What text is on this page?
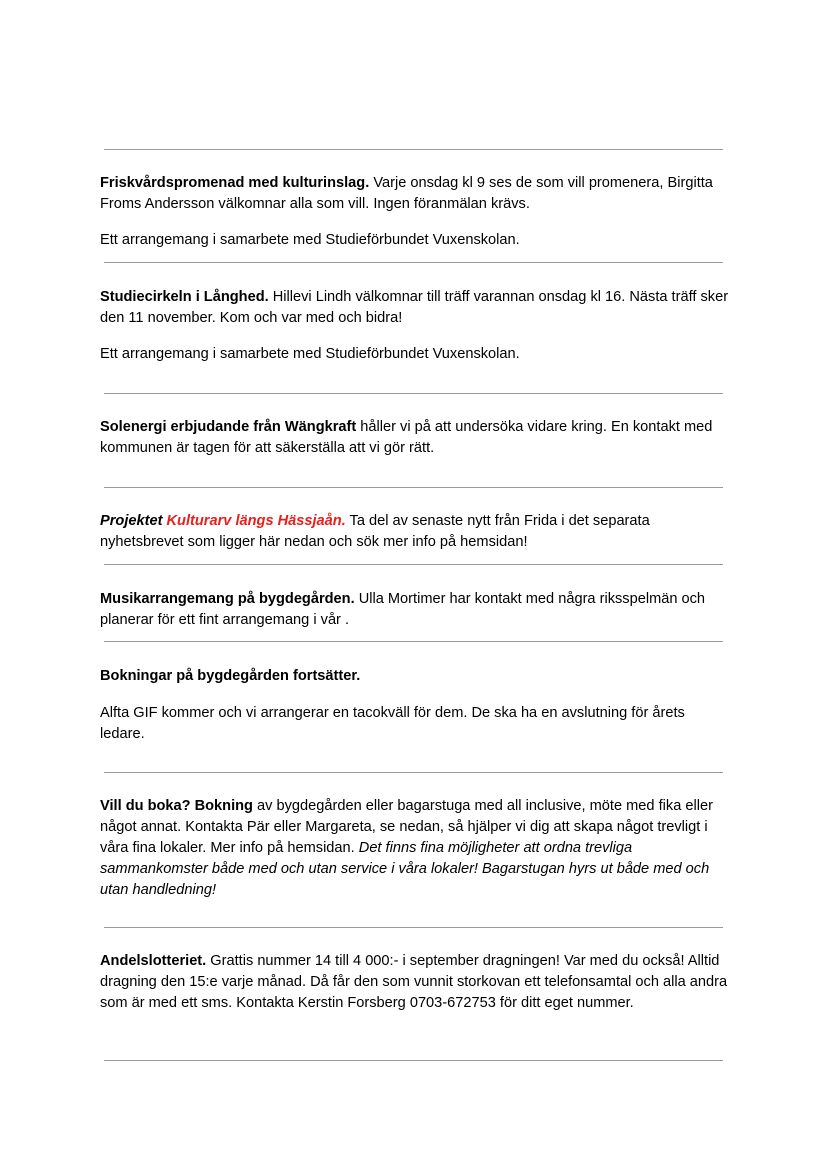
Friskvårdspromenad med kulturinslag. Varje onsdag kl 9 ses de som vill promenera, Birgitta Froms Andersson välkomnar alla som vill. Ingen föranmälan krävs.

Ett arrangemang i samarbete med Studieförbundet Vuxenskolan.

Studiecirkeln i Långhed. Hillevi Lindh välkomnar till träff varannan onsdag kl 16. Nästa träff sker den 11 november. Kom och var med och bidra!

Ett arrangemang i samarbete med Studieförbundet Vuxenskolan.

Solenergi erbjudande från Wängkraft håller vi på att undersöka vidare kring. En kontakt med kommunen är tagen för att säkerställa att vi gör rätt.

Projektet Kulturarv längs Hässjaån. Ta del av senaste nytt från Frida i det separata nyhetsbrevet som ligger här nedan och sök mer info på hemsidan!

Musikarrangemang på bygdegården. Ulla Mortimer har kontakt med några riksspelmän och planerar för ett fint arrangemang i vår .

Bokningar på bygdegården fortsätter.

Alfta GIF kommer och vi arrangerar en tacokväll för dem. De ska ha en avslutning för årets ledare.

Vill du boka? Bokning av bygdegården eller bagarstuga med all inclusive, möte med fika eller något annat. Kontakta Pär eller Margareta, se nedan, så hjälper vi dig att skapa något trevligt i våra fina lokaler. Mer info på hemsidan. Det finns fina möjligheter att ordna trevliga sammankomster både med och utan service i våra lokaler! Bagarstugan hyrs ut både med och utan handledning!

Andelslotteriet. Grattis nummer 14 till 4 000:- i september dragningen! Var med du också! Alltid dragning den 15:e varje månad. Då får den som vunnit storkovan ett telefonsamtal och alla andra som är med ett sms. Kontakta Kerstin Forsberg 0703-672753 för ditt eget nummer.
